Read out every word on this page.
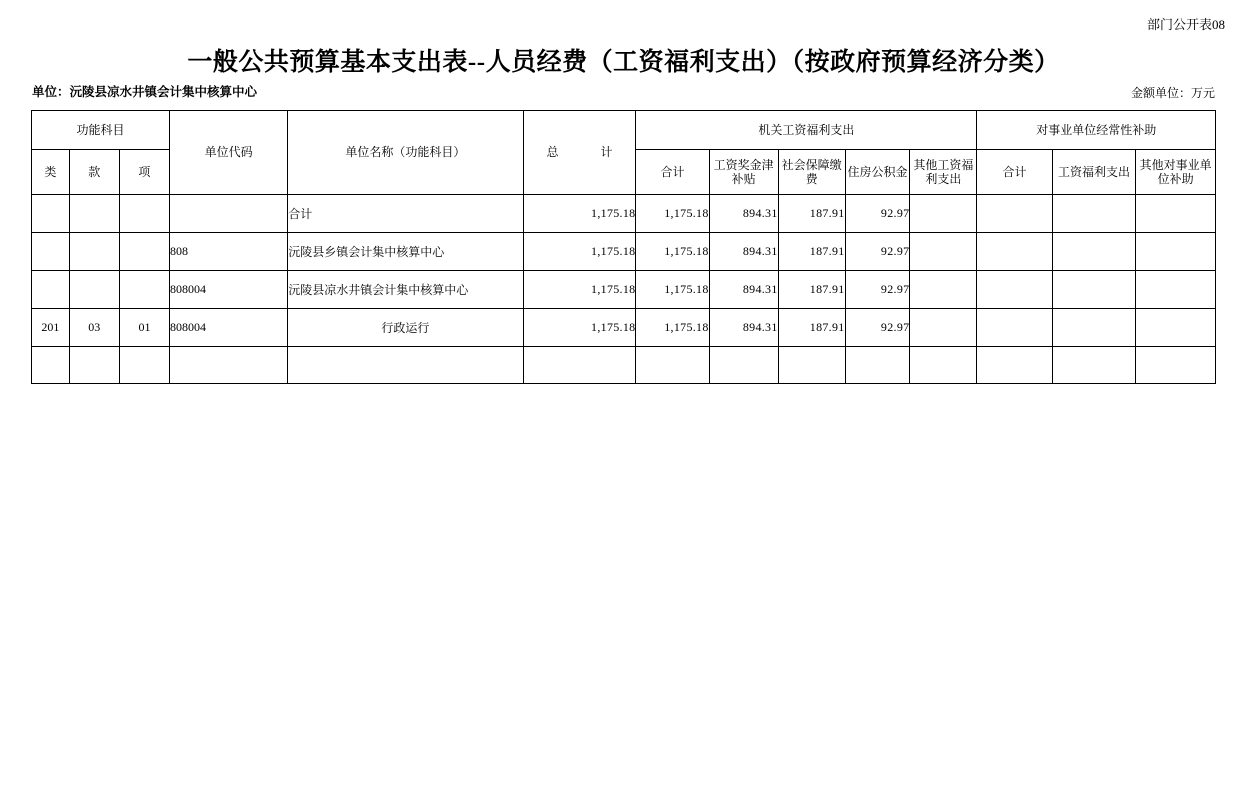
部门公开表08
一般公共预算基本支出表--人员经费（工资福利支出）（按政府预算经济分类）
单位：沅陵县凉水井镇会计集中核算中心	金额单位：万元
功能科目			单位代码	单位名称（功能科目）	总　　计	机关工资福利支出					对事业单位经常性补助		
类	款	项				合计	工资奖金津补贴	社会保障缴费	住房公积金	其他工资福利支出	合计	工资福利支出	其他对事业单位补助
				合计	1,175.18	1,175.18	894.31	187.91	92.97				
			808	沅陵县乡镇会计集中核算中心	1,175.18	1,175.18	894.31	187.91	92.97				
			808004	沅陵县凉水井镇会计集中核算中心	1,175.18	1,175.18	894.31	187.91	92.97				
201	03	01	808004	行政运行	1,175.18	1,175.18	894.31	187.91	92.97				
